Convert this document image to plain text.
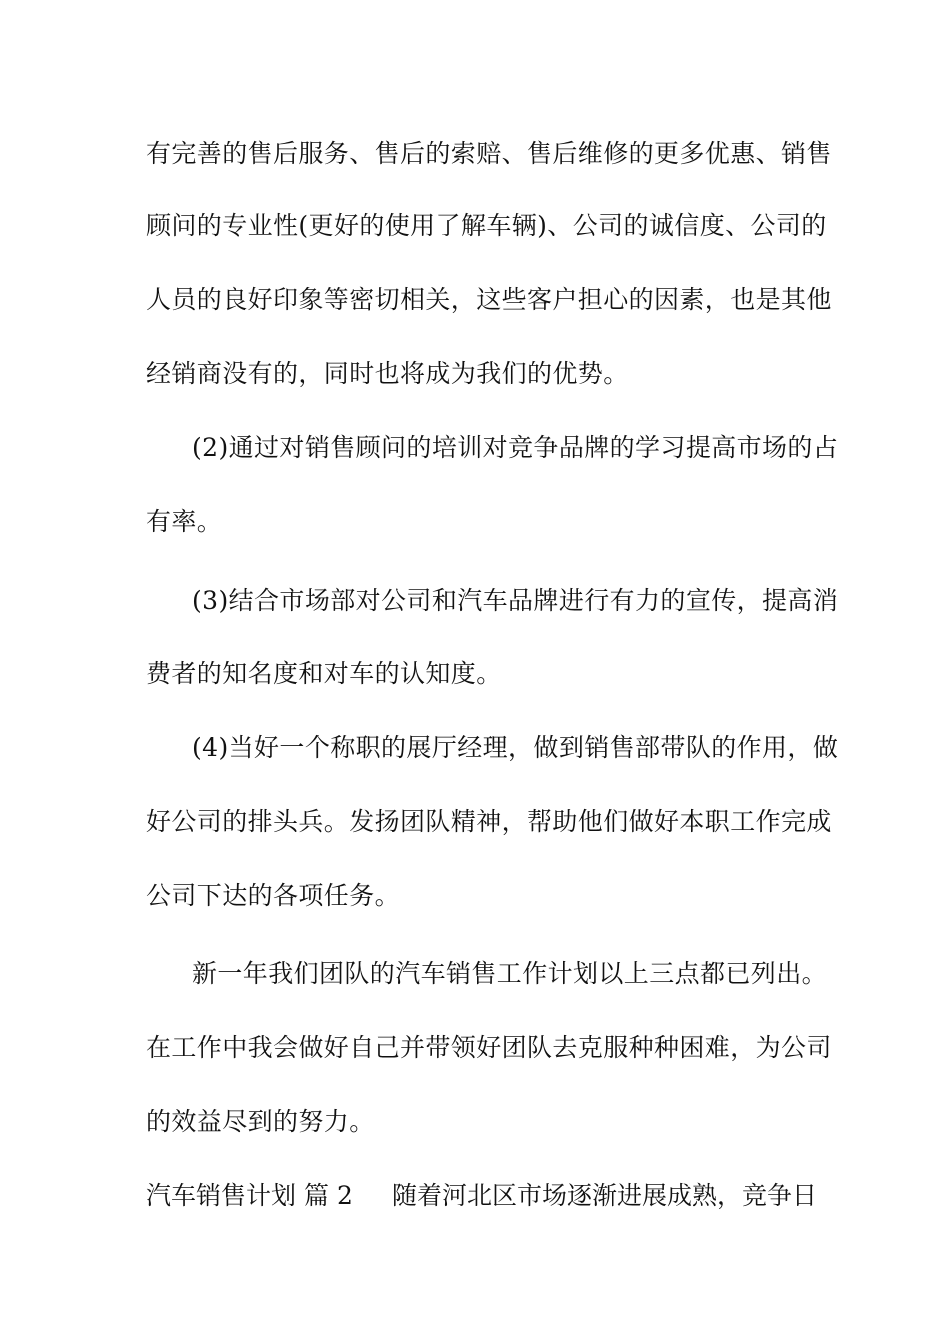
有完善的售后服务、售后的索赔、售后维修的更多优惠、销售
顾问的专业性(更好的使用了解车辆)、公司的诚信度、公司的
人员的良好印象等密切相关，这些客户担心的因素，也是其他
经销商没有的，同时也将成为我们的优势。
(2)通过对销售顾问的培训对竞争品牌的学习提高市场的占
有率。
(3)结合市场部对公司和汽车品牌进行有力的宣传，提高消
费者的知名度和对车的认知度。
(4)当好一个称职的展厅经理，做到销售部带队的作用，做
好公司的排头兵。发扬团队精神，帮助他们做好本职工作完成
公司下达的各项任务。
新一年我们团队的汽车销售工作计划以上三点都已列出。
在工作中我会做好自己并带领好团队去克服种种困难，为公司
的效益尽到的努力。
汽车销售计划 篇 2 随着河北区市场逐渐进展成熟，竞争日
